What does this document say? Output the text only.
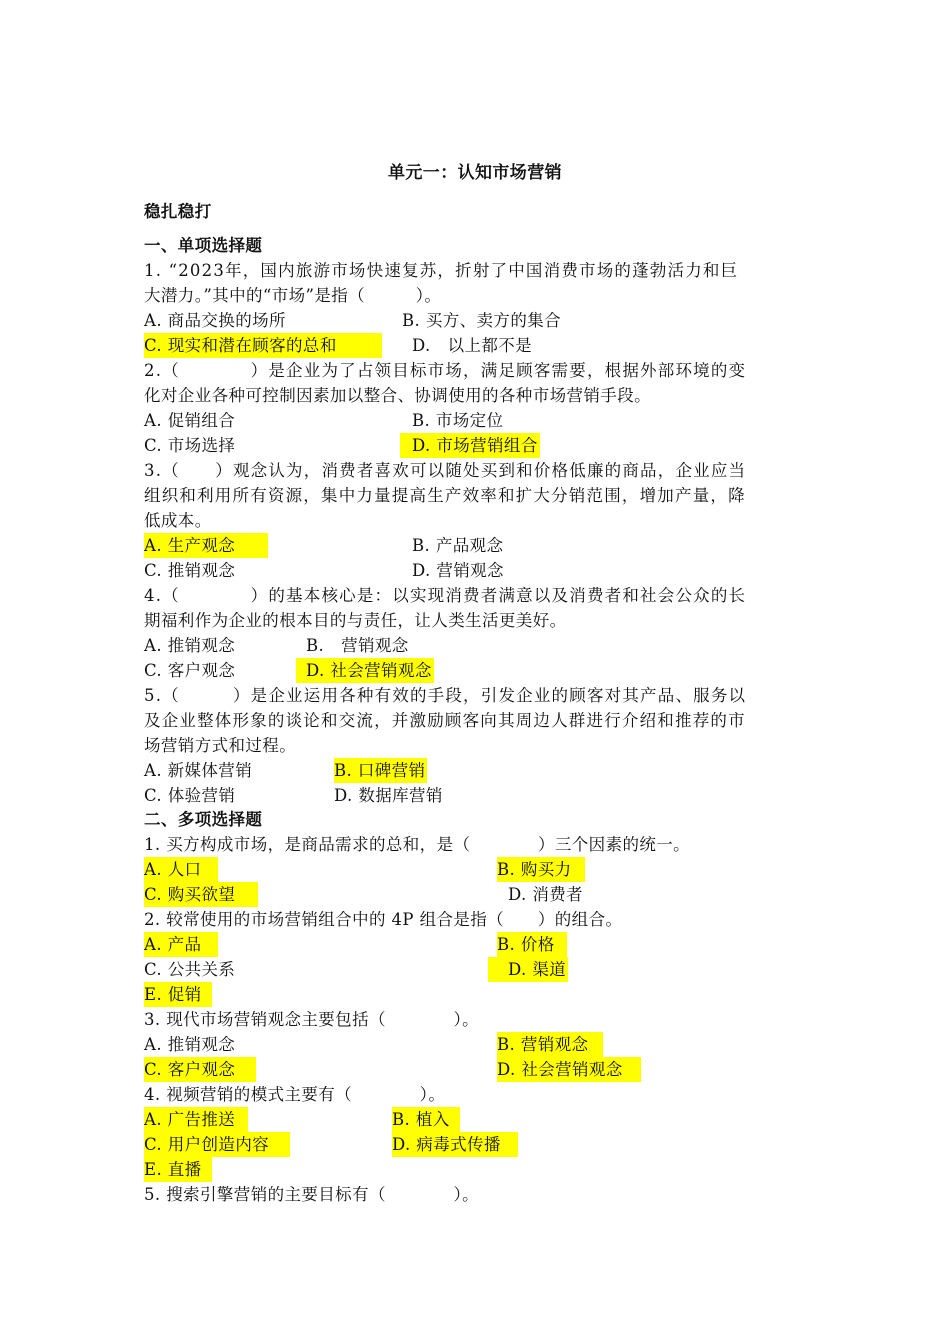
单元一：认知市场营销
稳扎稳打
一、单项选择题
1. “2023年，国内旅游市场快速复苏，折射了中国消费市场的蓬勃活力和巨
大潜力。”其中的“市场”是指（　　　）。
A. 商品交换的场所	B. 买方、卖方的集合
C. 现实和潜在顾客的总和	D.　以上都不是
2.（　　　　）是企业为了占领目标市场，满足顾客需要，根据外部环境的变
化对企业各种可控制因素加以整合、协调使用的各种市场营销手段。
A. 促销组合	B. 市场定位
C. 市场选择	D. 市场营销组合
3.（　　）观念认为，消费者喜欢可以随处买到和价格低廉的商品，企业应当
组织和利用所有资源，集中力量提高生产效率和扩大分销范围，增加产量，降
低成本。
A. 生产观念	B. 产品观念
C. 推销观念	D. 营销观念
4.（　　　　）的基本核心是：以实现消费者满意以及消费者和社会公众的长
期福利作为企业的根本目的与责任，让人类生活更美好。
A. 推销观念	B.　营销观念
C. 客户观念	D. 社会营销观念
5.（　　　）是企业运用各种有效的手段，引发企业的顾客对其产品、服务以
及企业整体形象的谈论和交流，并激励顾客向其周边人群进行介绍和推荐的市
场营销方式和过程。
A. 新媒体营销	B. 口碑营销
C. 体验营销	D. 数据库营销
二、多项选择题
1. 买方构成市场，是商品需求的总和，是（　　　　）三个因素的统一。
A. 人口	B. 购买力
C. 购买欲望	D. 消费者
2. 较常使用的市场营销组合中的 4P 组合是指（　　）的组合。
A. 产品	B. 价格
C. 公共关系	D. 渠道
E. 促销
3. 现代市场营销观念主要包括（　　　　）。
A. 推销观念	B. 营销观念
C. 客户观念	D. 社会营销观念
4. 视频营销的模式主要有（　　　　）。
A. 广告推送	B. 植入
C. 用户创造内容	D. 病毒式传播
E. 直播
5. 搜索引擎营销的主要目标有（　　　　）。
